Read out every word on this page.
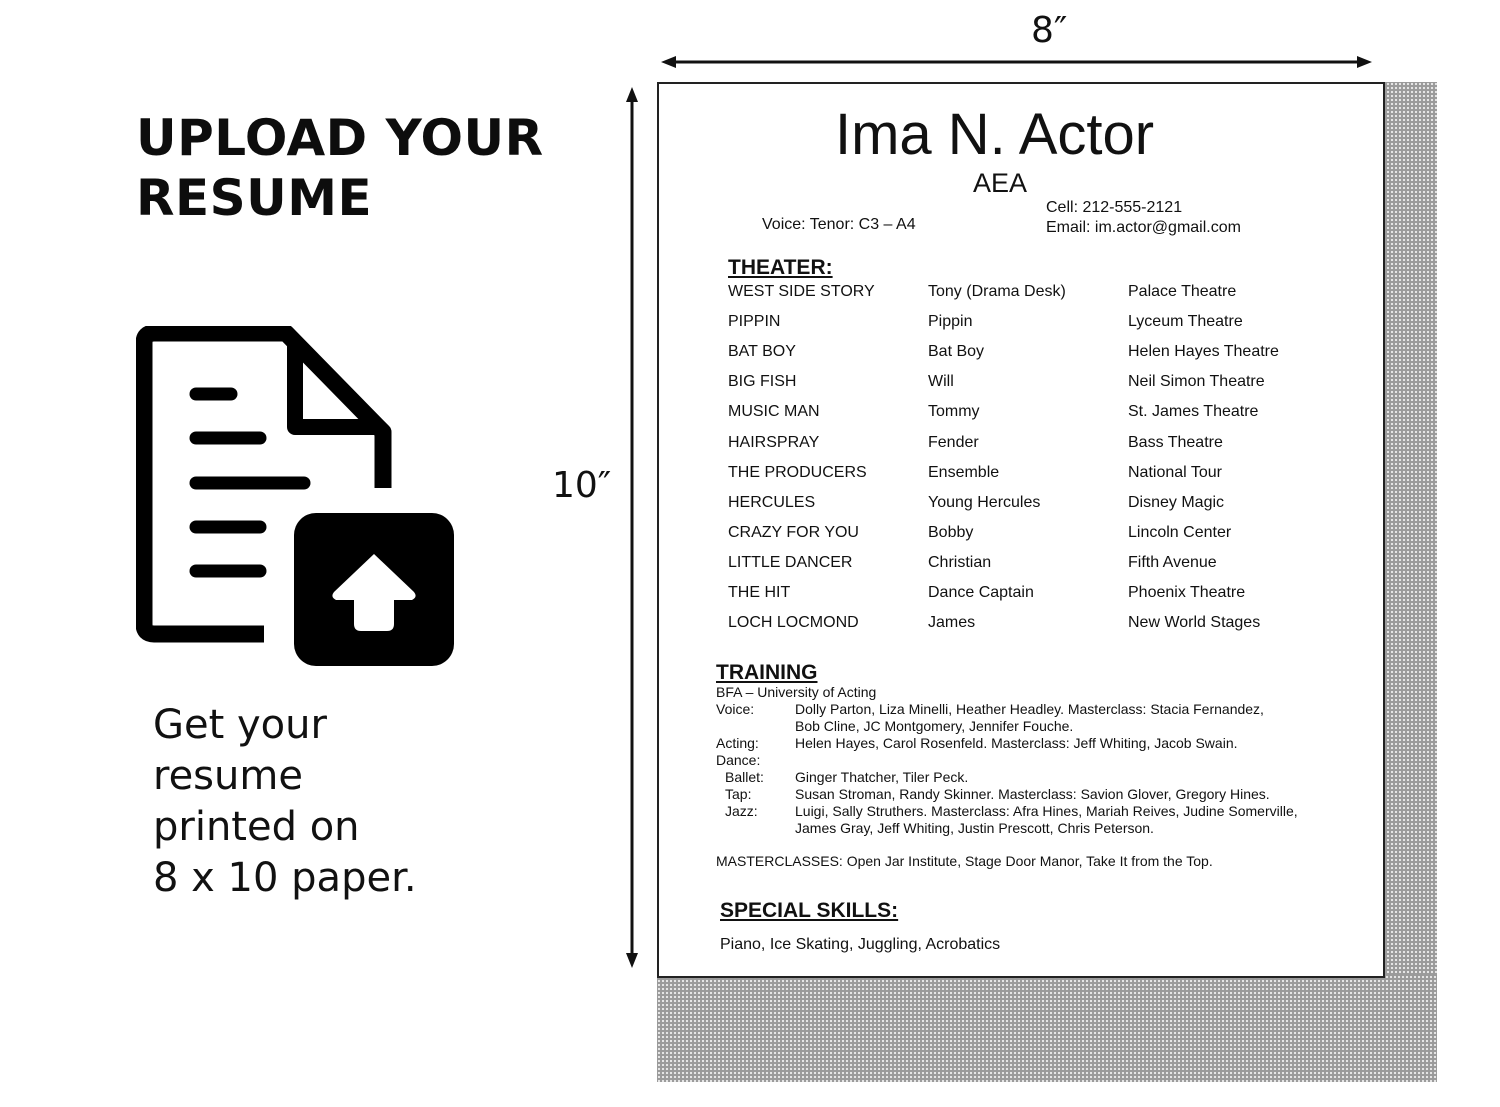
UPLOAD YOUR
RESUME

Get your
resume
printed on
8 x 10 paper.

8″
10″
Ima N. Actor
AEA
Voice: Tenor: C3 – A4
Cell: 212-555-2121
Email: im.actor@gmail.com
THEATER:
WEST SIDE STORY	Tony (Drama Desk)	Palace Theatre
PIPPIN	Pippin	Lyceum Theatre
BAT BOY	Bat Boy	Helen Hayes Theatre
BIG FISH	Will	Neil Simon Theatre
MUSIC MAN	Tommy	St. James Theatre
HAIRSPRAY	Fender	Bass Theatre
THE PRODUCERS	Ensemble	National Tour
HERCULES	Young Hercules	Disney Magic
CRAZY FOR YOU	Bobby	Lincoln Center
LITTLE DANCER	Christian	Fifth Avenue
THE HIT	Dance Captain	Phoenix Theatre
LOCH LOCMOND	James	New World Stages
TRAINING
BFA – University of Acting
Voice:	Dolly Parton, Liza Minelli, Heather Headley. Masterclass: Stacia Fernandez,
Bob Cline, JC Montgomery, Jennifer Fouche.
Acting:	Helen Hayes, Carol Rosenfeld. Masterclass: Jeff Whiting, Jacob Swain.
Dance:
Ballet:	Ginger Thatcher, Tiler Peck.
Tap:	Susan Stroman, Randy Skinner. Masterclass: Savion Glover, Gregory Hines.
Jazz:	Luigi, Sally Struthers. Masterclass: Afra Hines, Mariah Reives, Judine Somerville,
James Gray, Jeff Whiting, Justin Prescott, Chris Peterson.
MASTERCLASSES: Open Jar Institute, Stage Door Manor, Take It from the Top.
SPECIAL SKILLS:
Piano, Ice Skating, Juggling, Acrobatics
